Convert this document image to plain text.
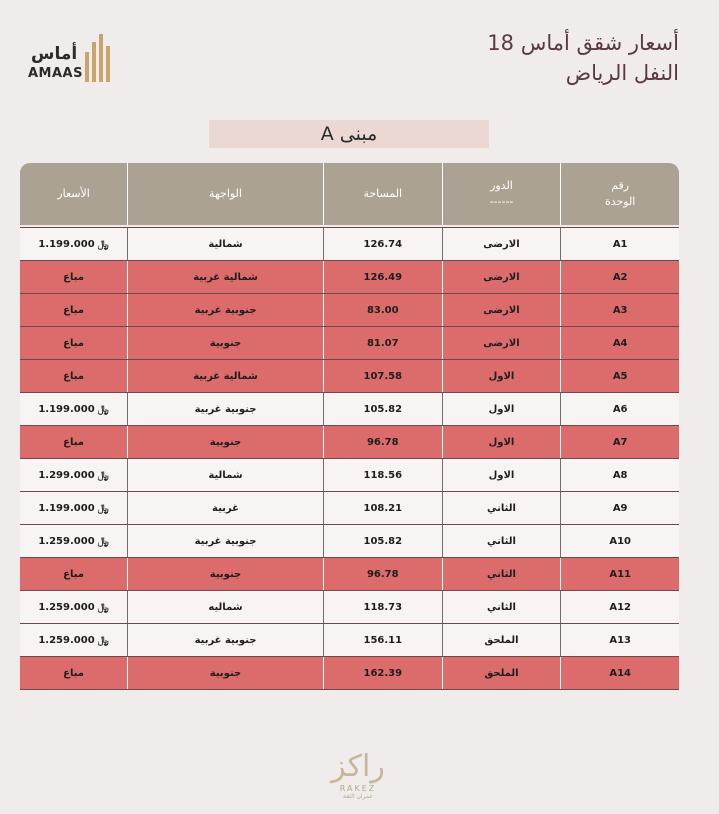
أماس
AMAAS
أسعار شقق أماس 18
النفل الرياض
مبنى A
رقم
الوحدة
الدور
------
المساحة
الواجهة
الأسعار
A1
الارضى
126.74
شمالية
1.199.000 ﷼
A2
الارضى
126.49
شمالية غربية
مباع
A3
الارضى
83.00
جنوبية غربية
مباع
A4
الارضى
81.07
جنوبية
مباع
A5
الاول
107.58
شمالية غربية
مباع
A6
الاول
105.82
جنوبية غربية
1.199.000 ﷼
A7
الاول
96.78
جنوبية
مباع
A8
الاول
118.56
شمالية
1.299.000 ﷼
A9
الثاني
108.21
غربية
1.199.000 ﷼
A10
الثاني
105.82
جنوبية غربية
1.259.000 ﷼
A11
الثاني
96.78
جنوبية
مباع
A12
الثاني
118.73
شماليه
1.259.000 ﷼
A13
الملحق
156.11
جنوبية غربية
1.259.000 ﷼
A14
الملحق
162.39
جنوبية
مباع
راكز
RAKEZ
عمران الثقة
